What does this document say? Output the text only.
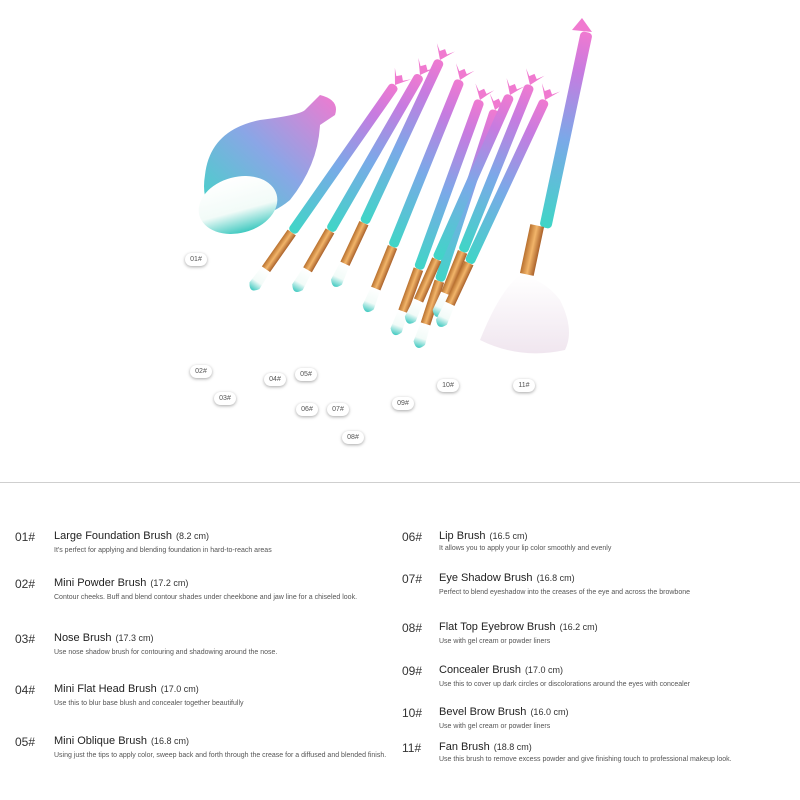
01#
02#
03#
04#
05#
06#	07#
08#
09#
10#	11#
01# Large Foundation Brush (8.2 cm)
It's perfect for applying and blending foundation in hard-to-reach areas
02# Mini Powder Brush (17.2 cm)
Contour cheeks. Buff and blend contour shades under cheekbone and jaw line for a chiseled look.
03# Nose Brush (17.3 cm)
Use nose shadow brush for contouring and shadowing around the nose.
04# Mini Flat Head Brush (17.0 cm)
Use this to blur base blush and concealer together beautifully
05# Mini Oblique Brush (16.8 cm)
Using just the tips to apply color, sweep back and forth through the crease for a diffused and blended finish.
06# Lip Brush (16.5 cm)
It allows you to apply your lip color smoothly and evenly
07# Eye Shadow Brush (16.8 cm)
Perfect to blend eyeshadow into the creases of the eye and across the browbone
08# Flat Top Eyebrow Brush (16.2 cm)
Use with gel cream or powder liners
09# Concealer Brush (17.0 cm)
Use this to cover up dark circles or discolorations around the eyes with concealer
10# Bevel Brow Brush (16.0 cm)
Use with gel cream or powder liners
11# Fan Brush (18.8 cm)
Use this brush to remove excess powder and give finishing touch to professional makeup look.
